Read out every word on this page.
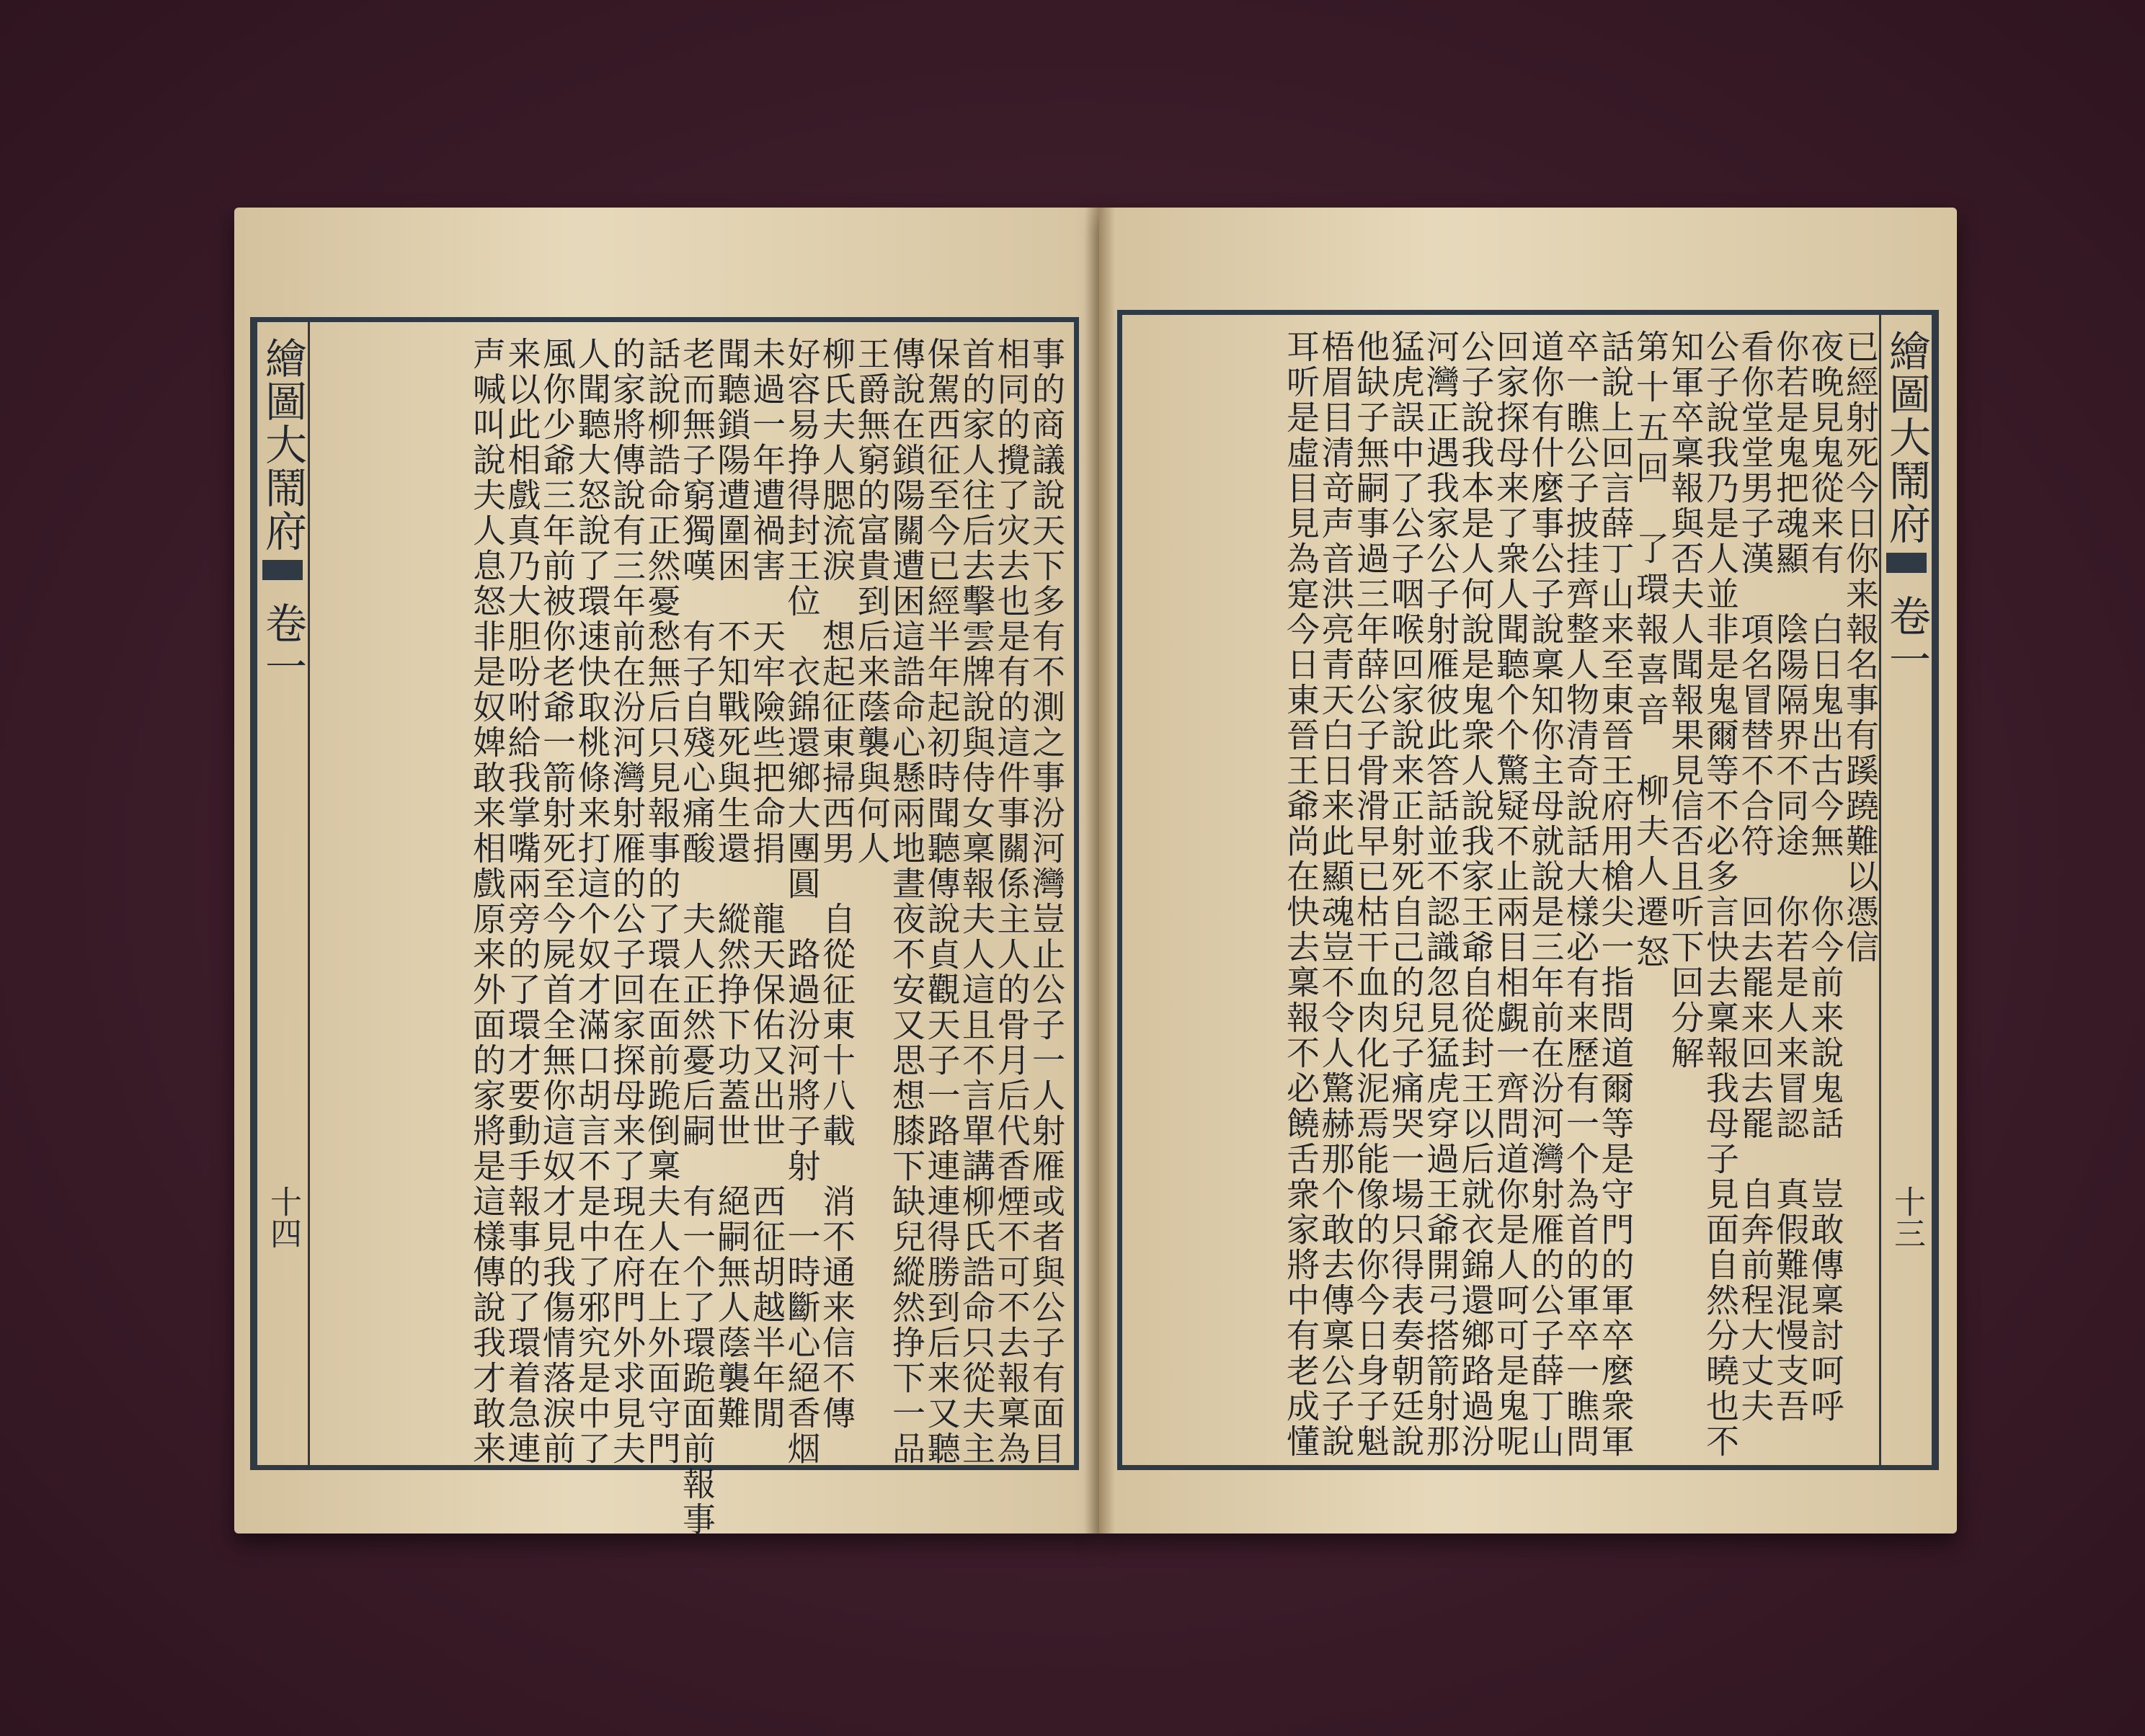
繪圖大鬧府
卷一
十四	事的商議說天下多有不測之事汾河灣豈止公子一人射雁或者與公子有面目
相同的攪了灾去也是有的這件事關係主人的骨月后代香煙不可不去報稟為
首的家人往后去擊雲牌說與侍女稟報夫人這且不言單講柳氏誥命只從夫主
保駕西征至今已經半年起初時聞聽傳說貞觀天子一路連連得勝到后来又聽
傳說在鎖陽關遭困這誥命心懸兩地晝夜不安又思想膝下缺兒縱然挣下一品
王爵無窮的富貴到后来蔭襲與何人
柳氏夫人腮流淚　想起征東掃西男　自從征東十八載　消不通来信不傳
好容易挣得封王位　衣錦還鄉大團圓　路過汾河將子射　一時斷心絕香烟
未過一年遭禍害　天牢險些把命捐　龍天保佑又出世　西征胡越半年閒
聞聽鎖陽遭圍困　不知戰死與生還　縱然挣下功蓋世　絕嗣無人蔭襲難
老而無子窮獨嘆　有子自殘心痛酸　夫人正然憂后嗣　有一个了環跪面前報事
話說柳誥命正然憂愁無后只見報事的了環在面前跪倒稟夫人在上外面守門
的家將傳說有三年前在汾河灣射雁的公子回家探母来了現在府門外求見夫
人聞聽大怒說了環速快取桃條来打這个奴才滿口胡言不是中了邪究是中了
風你少爺三年前被你老爺一箭射死至今屍首全無你這奴才見我傷情落淚前
来以此相戲真乃大胆吩咐給我掌嘴兩旁的了環才要動手報事的了環着急連
声喊叫說夫人息怒非是奴婢敢来相戲原来外面的家將是這樣傳說我才敢来	繪圖大鬧府
卷一
十三
已經射死今日你来報名事有蹊蹺難以憑信
夜晚見鬼從来有　白日鬼出古今無　你今前来說鬼話　豈敢傳稟討呵呼
你若是鬼把魂顯　陰陽隔界不同途　你若是人来冒認　真假難混慢支吾
看你堂堂男子漢　項名冒替不合符　回去罷来回去罷　自奔前程大丈夫
公子說我乃是人並非是鬼爾等不必多言快去稟報我母子見面自然分曉也不
知軍卒稟報與否夫人聞報果見信否且听下回分解
第十五回　了環報喜音　柳夫人遷怒
話說上回言薛丁山来至東晉王府用槍尖一指問道爾等是守門的軍卒麼衆軍
卒一瞧公子披挂齊整人物清奇說話大樣必有来歷有一个為首的軍卒一瞧問
道你有什麼事公子說稟知你主母就說是三年前在汾河灣射雁的公子薛丁山
回家探母来了衆人聞聽个个驚疑不止兩目相覷一齊問道你是人呵可是鬼呢
公子說我本是人何說是鬼衆人說我家王爺自從封王以后就衣錦還鄉路過汾
河灣正遇我家公子射雁彼此答話並不認識忽見猛虎穿過王爺開弓搭箭射那
猛虎誤中了公子咽喉回家說来正射死自己的兒子痛哭一場只得表奏朝廷說
他缺子無嗣事過三年薛公子骨滑早已枯干血肉化泥焉能像的你今日身子魁
梧眉目清竒声音洪亮青天白日来此顯魂豈不令人驚赫那个敢去傳稟公子說
耳听是虛目見為寔今日東晉王爺尚在快去稟報不必饒舌衆家將中有老成懂
